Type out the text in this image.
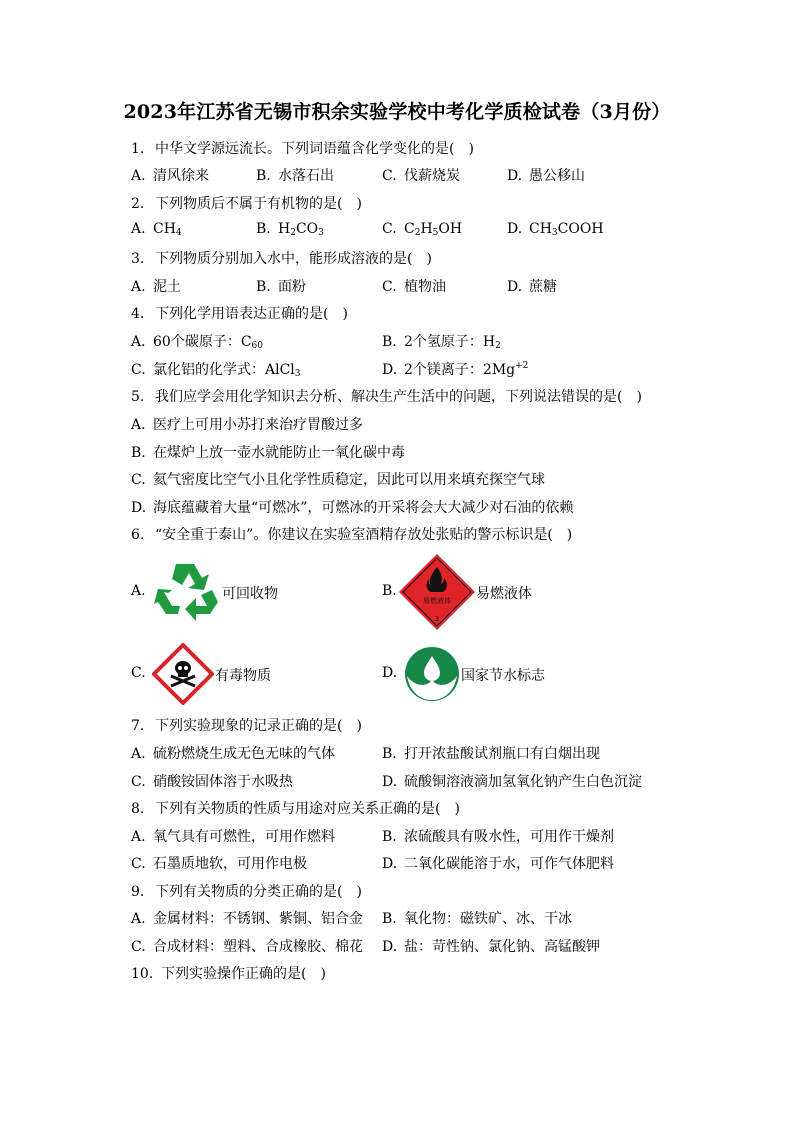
2023年江苏省无锡市积余实验学校中考化学质检试卷（3月份）
1. 中华文学源远流长。下列词语蕴含化学变化的是(　)
A. 清风徐来	B. 水落石出	C. 伐薪烧炭	D. 愚公移山
2. 下列物质后不属于有机物的是(　)
A. $CH_4$	B. $H_2CO_3$	C. $C_2H_5OH$	D. $CH_3COOH$
3. 下列物质分别加入水中，能形成溶液的是(　)
A. 泥土	B. 面粉	C. 植物油	D. 蔗糖
4. 下列化学用语表达正确的是(　)
A. 60个碳原子：$C_{60}$	B. 2个氢原子：$H_2$
C. 氯化铝的化学式：AlCl$_3$	D. 2个镁离子：$2Mg^{+2}$
5. 我们应学会用化学知识去分析、解决生产生活中的问题，下列说法错误的是(　)
A. 医疗上可用小苏打来治疗胃酸过多
B. 在煤炉上放一壶水就能防止一氧化碳中毒
C. 氦气密度比空气小且化学性质稳定，因此可以用来填充探空气球
D. 海底蕴藏着大量“可燃冰”，可燃冰的开采将会大大减少对石油的依赖
6. “安全重于泰山”。你建议在实验室酒精存放处张贴的警示标识是(　)
A.	可回收物	B.
易燃液体
3
易燃液体
C.	有毒物质	D.	国家节水标志
7. 下列实验现象的记录正确的是(　)
A. 硫粉燃烧生成无色无味的气体	B. 打开浓盐酸试剂瓶口有白烟出现
C. 硝酸铵固体溶于水吸热	D. 硫酸铜溶液滴加氢氧化钠产生白色沉淀
8. 下列有关物质的性质与用途对应关系正确的是(　)
A. 氧气具有可燃性，可用作燃料	B. 浓硫酸具有吸水性，可用作干燥剂
C. 石墨质地软，可用作电极	D. 二氧化碳能溶于水，可作气体肥料
9. 下列有关物质的分类正确的是(　)
A. 金属材料：不锈钢、紫铜、铝合金 B. 氧化物：磁铁矿、冰、干冰
C. 合成材料：塑料、合成橡胶、棉花 D. 盐：苛性钠、氯化钠、高锰酸钾
10. 下列实验操作正确的是(　)
